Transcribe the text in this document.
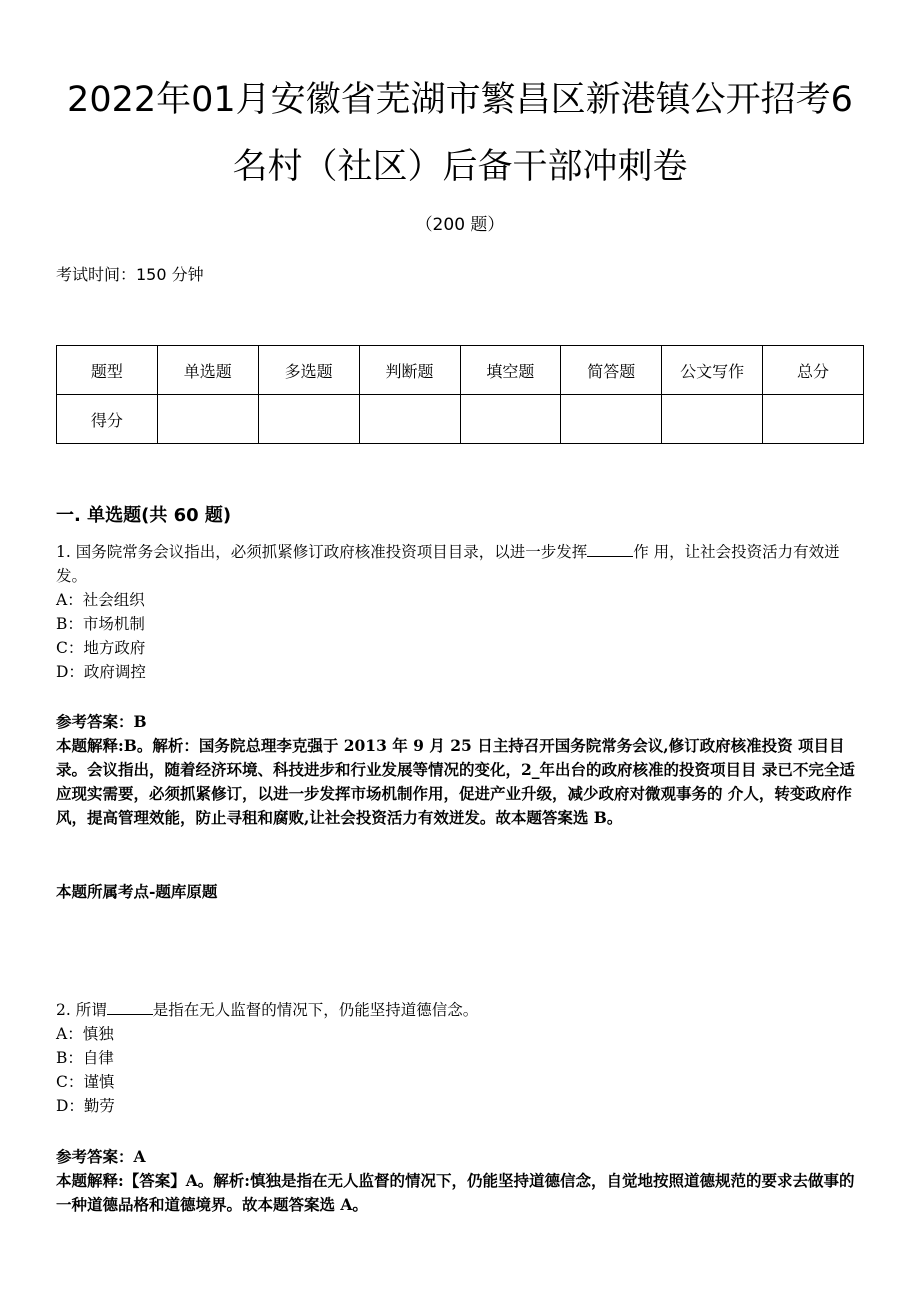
2022年01月安徽省芜湖市繁昌区新港镇公开招考6
名村（社区）后备干部冲刺卷
（200 题）
考试时间：150 分钟
题型	单选题	多选题	判断题	填空题	简答题	公文写作	总分
得分							
一. 单选题(共 60 题)

1. 国务院常务会议指出，必须抓紧修订政府核准投资项目目录，以进一步发挥	作 用，让社会投资活力有效迸发。

A：社会组织

B：市场机制

C：地方政府

D：政府调控

参考答案：B

本题解释:B。解析：国务院总理李克强于 2013 年 9 月 25 日主持召开国务院常务会议,修订政府核准投资 项目目录。会议指出，随着经济环境、科技进步和行业发展等情况的变化，2_年出台的政府核准的投资项目目 录已不完全适应现实需要，必须抓紧修订，以进一步发挥市场机制作用，促进产业升级，减少政府对微观事务的 介人，转变政府作风，提高管理效能，防止寻租和腐败,让社会投资活力有效迸发。故本题答案选 B。

本题所属考点-题库原题

2. 所谓	是指在无人监督的情况下，仍能坚持道德信念。

A：慎独

B：自律

C：谨慎

D：勤劳

参考答案：A

本题解释:【答案】A。解析:慎独是指在无人监督的情况下，仍能坚持道德信念，自觉地按照道德规范的要求去做事的一种道德品格和道德境界。故本题答案选 A。
